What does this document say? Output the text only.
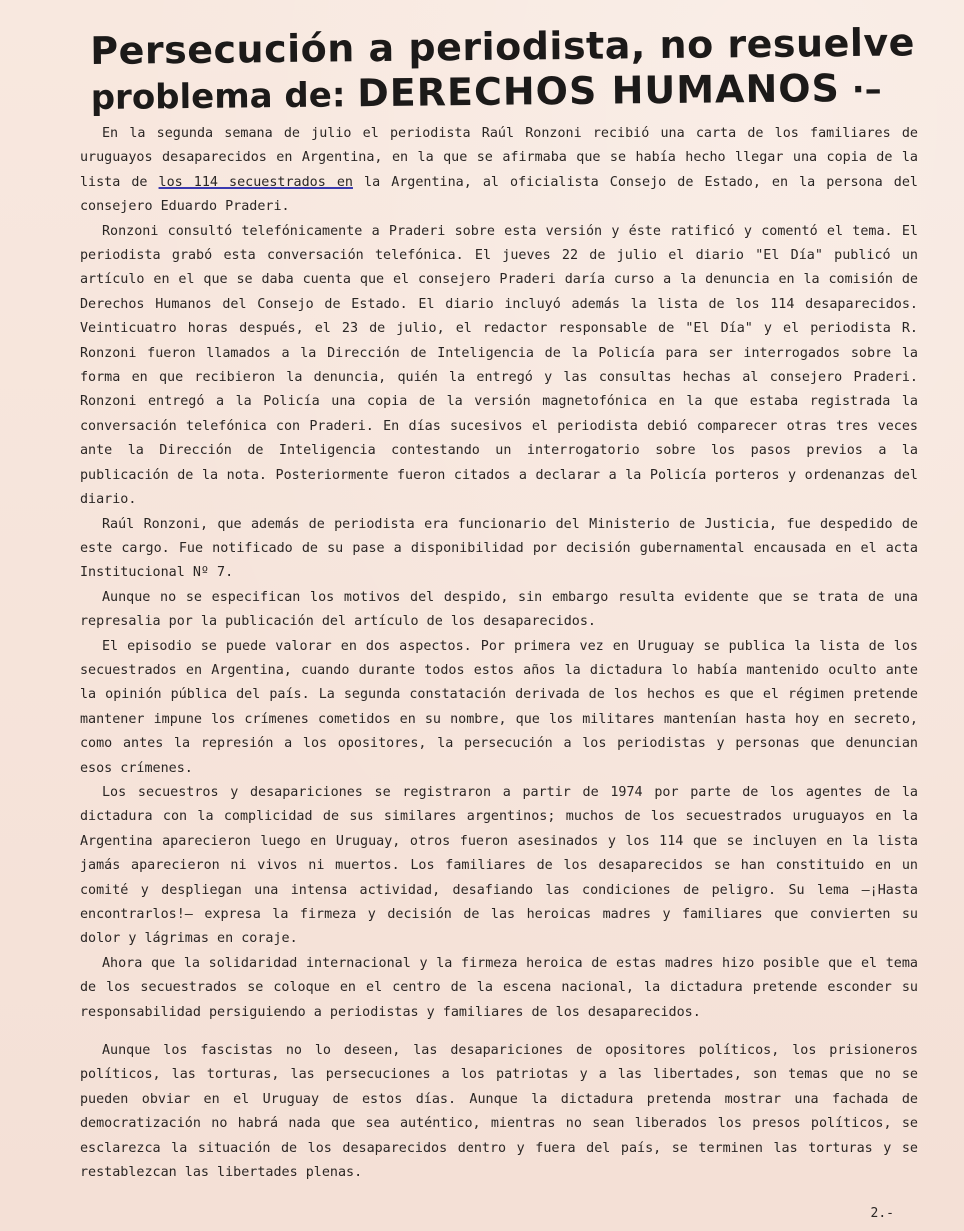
Persecución a periodista, no resuelve
problema de: DERECHOS HUMANOS ·–

En la segunda semana de julio el periodista Raúl Ronzoni recibió una carta de los familiares de uruguayos desaparecidos en Argentina, en la que se afirmaba que se había hecho llegar una copia de la lista de los 114 secuestrados en la Argentina, al oficialista Consejo de Estado, en la persona del consejero Eduardo Praderi.

Ronzoni consultó telefónicamente a Praderi sobre esta versión y éste ratificó y comentó el tema. El periodista grabó esta conversación telefónica. El jueves 22 de julio el diario "El Día" publicó un artículo en el que se daba cuenta que el consejero Praderi daría curso a la denuncia en la comisión de Derechos Humanos del Consejo de Estado. El diario incluyó además la lista de los 114 desaparecidos. Veinticuatro horas después, el 23 de julio, el redactor responsable de "El Día" y el periodista R. Ronzoni fueron llamados a la Dirección de Inteligencia de la Policía para ser interrogados sobre la forma en que recibieron la denuncia, quién la entregó y las consultas hechas al consejero Praderi. Ronzoni entregó a la Policía una copia de la versión magnetofónica en la que estaba registrada la conversación telefónica con Praderi. En días sucesivos el periodista debió comparecer otras tres veces ante la Dirección de Inteligencia contestando un interrogatorio sobre los pasos previos a la publicación de la nota. Posteriormente fueron citados a declarar a la Policía porteros y ordenanzas del diario.

Raúl Ronzoni, que además de periodista era funcionario del Ministerio de Justicia, fue despedido de este cargo. Fue notificado de su pase a disponibilidad por decisión gubernamental encausada en el acta Institucional Nº 7.

Aunque no se especifican los motivos del despido, sin embargo resulta evidente que se trata de una represalia por la publicación del artículo de los desaparecidos.

El episodio se puede valorar en dos aspectos. Por primera vez en Uruguay se publica la lista de los secuestrados en Argentina, cuando durante todos estos años la dictadura lo había mantenido oculto ante la opinión pública del país. La segunda constatación derivada de los hechos es que el régimen pretende mantener impune los crímenes cometidos en su nombre, que los militares mantenían hasta hoy en secreto, como antes la represión a los opositores, la persecución a los periodistas y personas que denuncian esos crímenes.

Los secuestros y desapariciones se registraron a partir de 1974 por parte de los agentes de la dictadura con la complicidad de sus similares argentinos; muchos de los secuestrados uruguayos en la Argentina aparecieron luego en Uruguay, otros fueron asesinados y los 114 que se incluyen en la lista jamás aparecieron ni vivos ni muertos. Los familiares de los desaparecidos se han constituido en un comité y despliegan una intensa actividad, desafiando las condiciones de peligro. Su lema –¡Hasta encontrarlos!– expresa la firmeza y decisión de las heroicas madres y familiares que convierten su dolor y lágrimas en coraje.

Ahora que la solidaridad internacional y la firmeza heroica de estas madres hizo posible que el tema de los secuestrados se coloque en el centro de la escena nacional, la dictadura pretende esconder su responsabilidad persiguiendo a periodistas y familiares de los desaparecidos.

Aunque los fascistas no lo deseen, las desapariciones de opositores políticos, los prisioneros políticos, las torturas, las persecuciones a los patriotas y a las libertades, son temas que no se pueden obviar en el Uruguay de estos días. Aunque la dictadura pretenda mostrar una fachada de democratización no habrá nada que sea auténtico, mientras no sean liberados los presos políticos, se esclarezca la situación de los desaparecidos dentro y fuera del país, se terminen las torturas y se restablezcan las libertades plenas.

2.-
